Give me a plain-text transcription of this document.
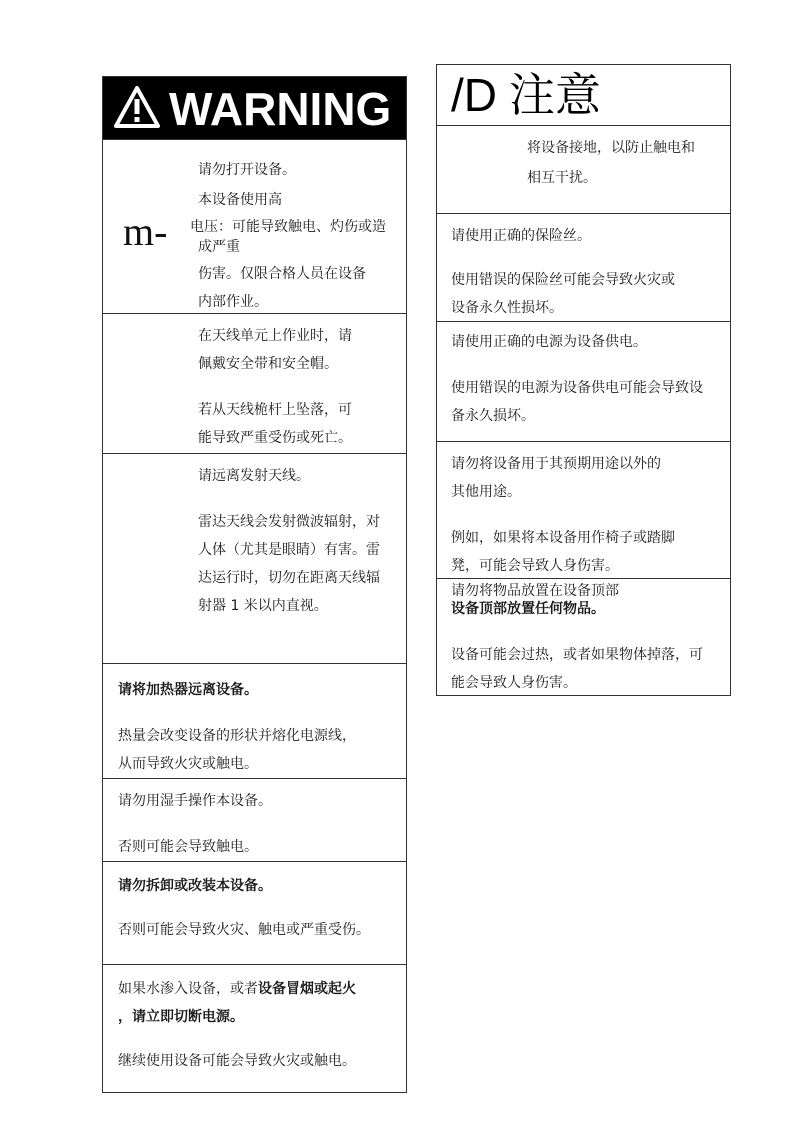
WARNING
m-
请勿打开设备。
本设备使用高
电压：可能导致触电、灼伤或造
成严重
伤害。仅限合格人员在设备
内部作业。
在天线单元上作业时，请
佩戴安全带和安全帽。
若从天线桅杆上坠落，可
能导致严重受伤或死亡。
请远离发射天线。
雷达天线会发射微波辐射，对
人体（尤其是眼睛）有害。雷
达运行时，切勿在距离天线辐
射器 1 米以内直视。
请将加热器远离设备。
热量会改变设备的形状并熔化电源线，
从而导致火灾或触电。
请勿用湿手操作本设备。
否则可能会导致触电。
请勿拆卸或改装本设备。
否则可能会导致火灾、触电或严重受伤。
如果水渗入设备，或者设备冒烟或起火
，请立即切断电源。
继续使用设备可能会导致火灾或触电。
/D 注意
将设备接地，以防止触电和
相互干扰。
请使用正确的保险丝。
使用错误的保险丝可能会导致火灾或
设备永久性损坏。
请使用正确的电源为设备供电。
使用错误的电源为设备供电可能会导致设
备永久损坏。
请勿将设备用于其预期用途以外的
其他用途。
例如，如果将本设备用作椅子或踏脚
凳，可能会导致人身伤害。
请勿将物品放置在设备顶部
设备顶部放置任何物品。
设备可能会过热，或者如果物体掉落，可
能会导致人身伤害。
